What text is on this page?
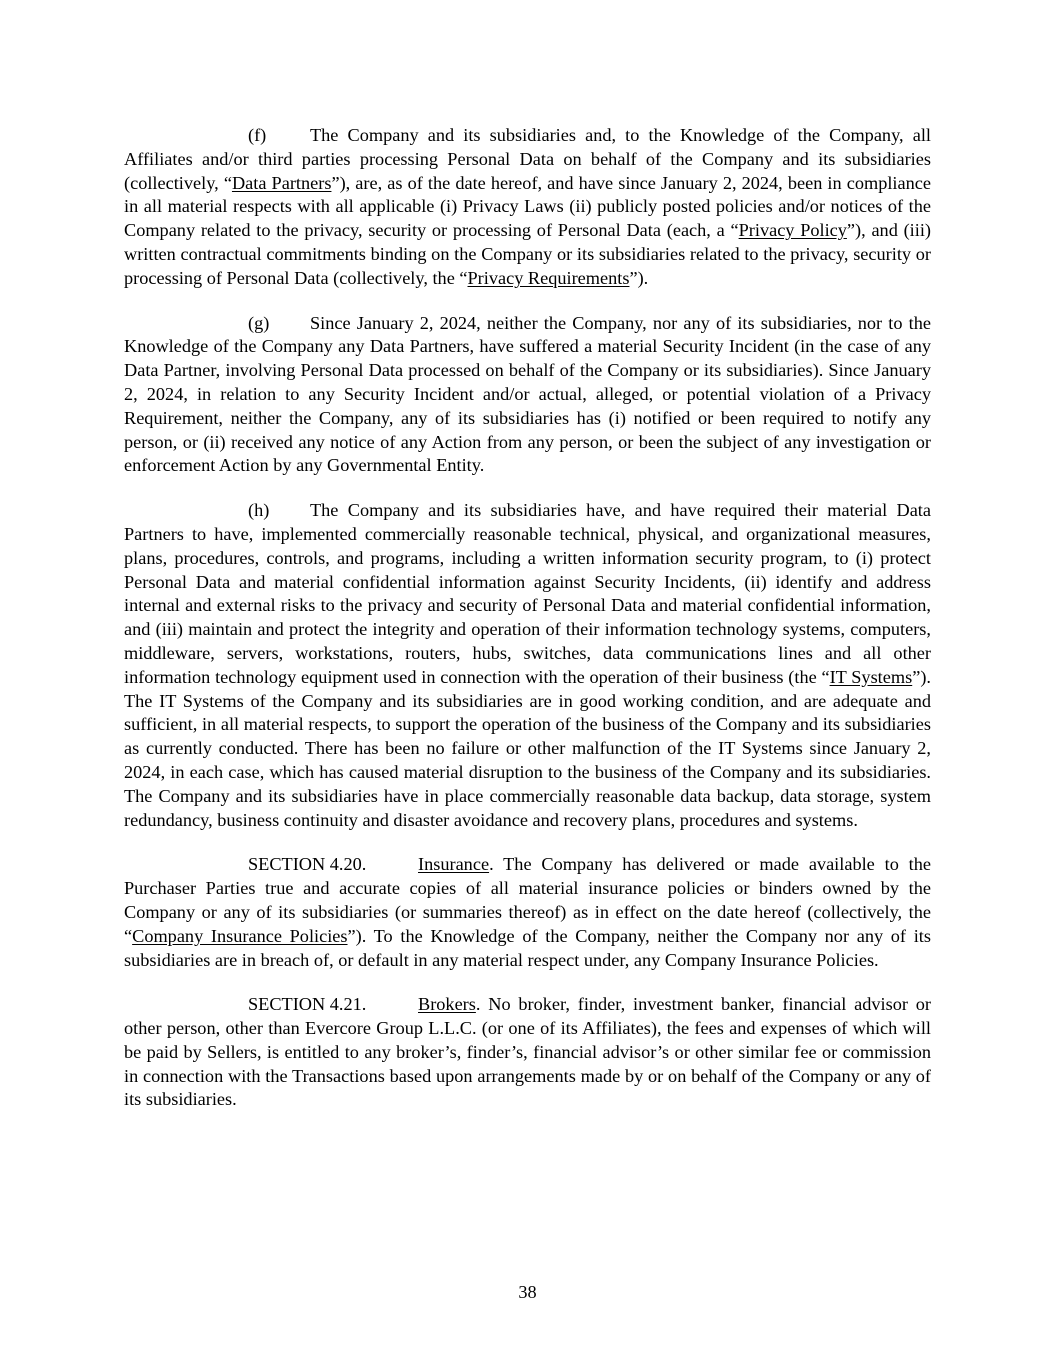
(f) The Company and its subsidiaries and, to the Knowledge of the Company, all Affiliates and/or third parties processing Personal Data on behalf of the Company and its subsidiaries (collectively, “Data Partners”), are, as of the date hereof, and have since January 2, 2024, been in compliance in all material respects with all applicable (i) Privacy Laws (ii) publicly posted policies and/or notices of the Company related to the privacy, security or processing of Personal Data (each, a “Privacy Policy”), and (iii) written contractual commitments binding on the Company or its subsidiaries related to the privacy, security or processing of Personal Data (collectively, the “Privacy Requirements”).

(g) Since January 2, 2024, neither the Company, nor any of its subsidiaries, nor to the Knowledge of the Company any Data Partners, have suffered a material Security Incident (in the case of any Data Partner, involving Personal Data processed on behalf of the Company or its subsidiaries). Since January 2, 2024, in relation to any Security Incident and/or actual, alleged, or potential violation of a Privacy Requirement, neither the Company, any of its subsidiaries has (i) notified or been required to notify any person, or (ii) received any notice of any Action from any person, or been the subject of any investigation or enforcement Action by any Governmental Entity.

(h) The Company and its subsidiaries have, and have required their material Data Partners to have, implemented commercially reasonable technical, physical, and organizational measures, plans, procedures, controls, and programs, including a written information security program, to (i) protect Personal Data and material confidential information against Security Incidents, (ii) identify and address internal and external risks to the privacy and security of Personal Data and material confidential information, and (iii) maintain and protect the integrity and operation of their information technology systems, computers, middleware, servers, workstations, routers, hubs, switches, data communications lines and all other information technology equipment used in connection with the operation of their business (the “IT Systems”). The IT Systems of the Company and its subsidiaries are in good working condition, and are adequate and sufficient, in all material respects, to support the operation of the business of the Company and its subsidiaries as currently conducted. There has been no failure or other malfunction of the IT Systems since January 2, 2024, in each case, which has caused material disruption to the business of the Company and its subsidiaries. The Company and its subsidiaries have in place commercially reasonable data backup, data storage, system redundancy, business continuity and disaster avoidance and recovery plans, procedures and systems.

SECTION 4.20.	Insurance. The Company has delivered or made available to the Purchaser Parties true and accurate copies of all material insurance policies or binders owned by the Company or any of its subsidiaries (or summaries thereof) as in effect on the date hereof (collectively, the “Company Insurance Policies”). To the Knowledge of the Company, neither the Company nor any of its subsidiaries are in breach of, or default in any material respect under, any Company Insurance Policies.

SECTION 4.21.	Brokers. No broker, finder, investment banker, financial advisor or other person, other than Evercore Group L.L.C. (or one of its Affiliates), the fees and expenses of which will be paid by Sellers, is entitled to any broker’s, finder’s, financial advisor’s or other similar fee or commission in connection with the Transactions based upon arrangements made by or on behalf of the Company or any of its subsidiaries.

38
